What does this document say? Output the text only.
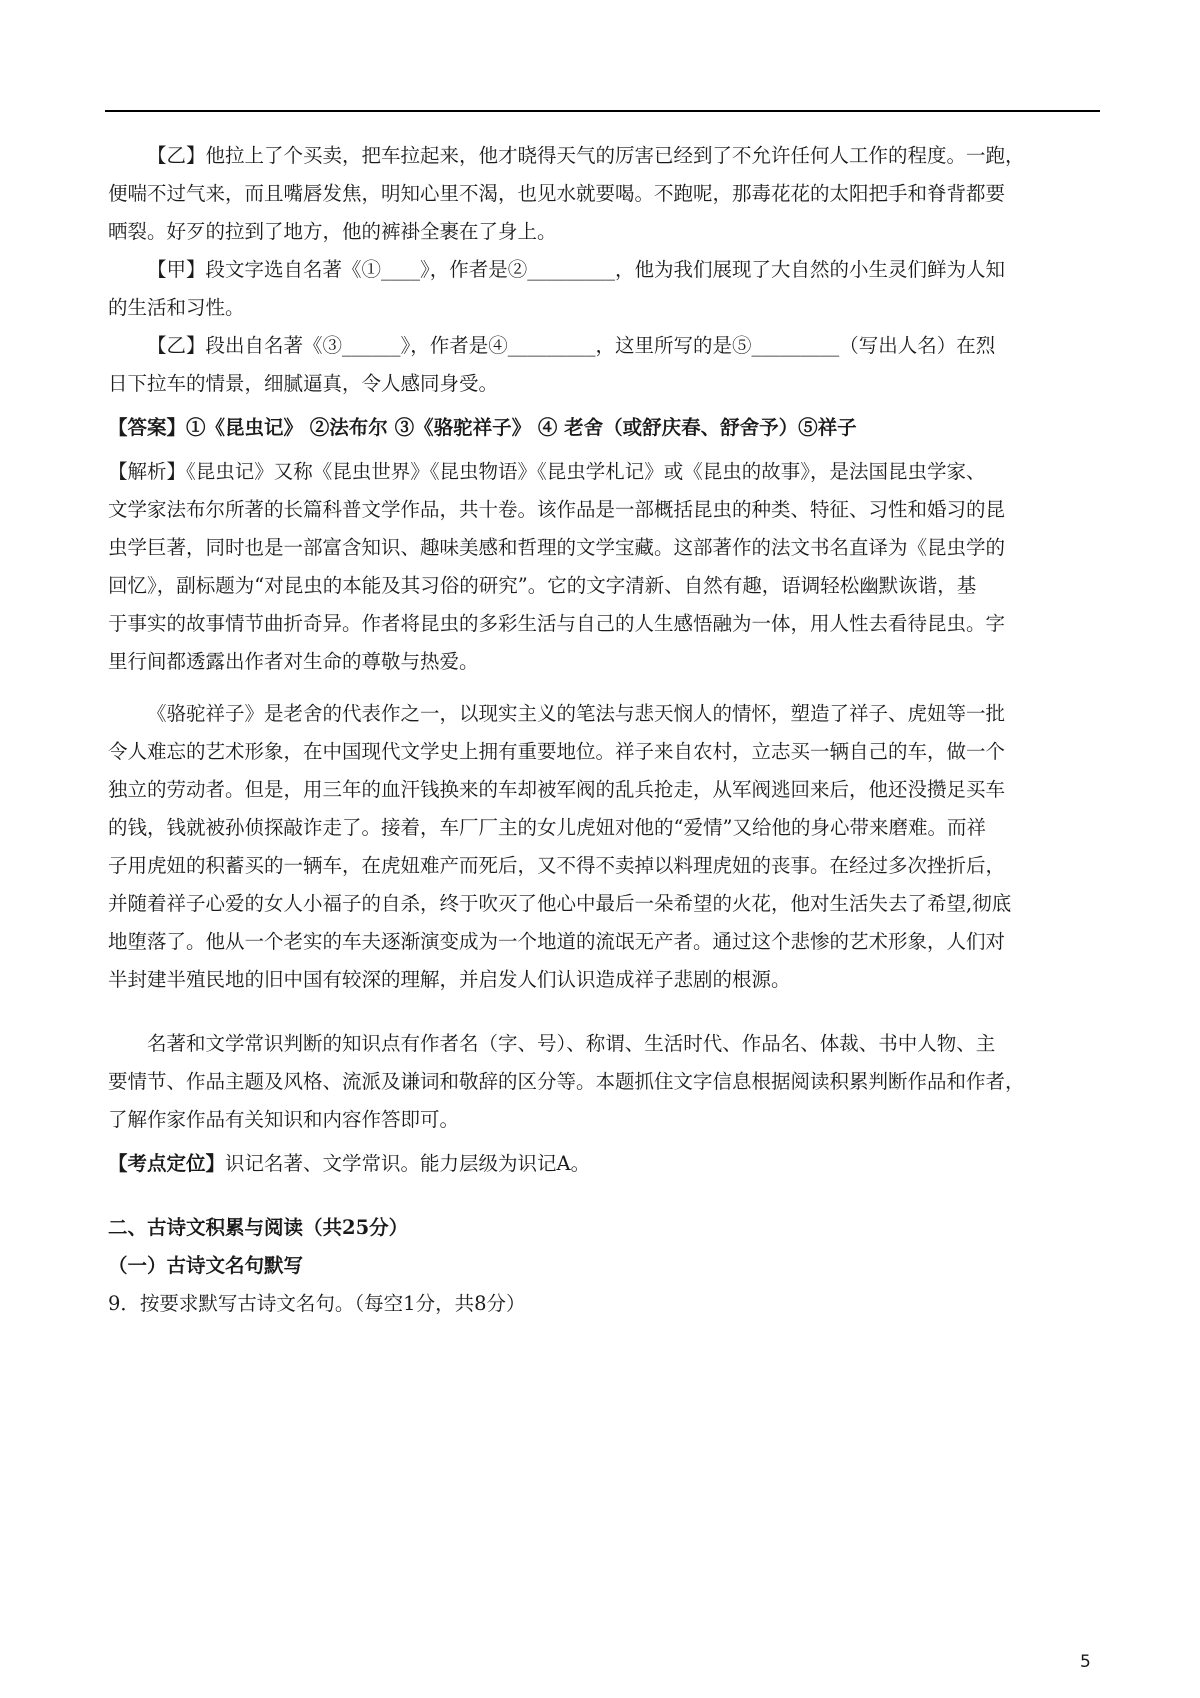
【乙】他拉上了个买卖，把车拉起来，他才晓得天气的厉害已经到了不允许任何人工作的程度。一跑，
便喘不过气来，而且嘴唇发焦，明知心里不渴，也见水就要喝。不跑呢，那毒花花的太阳把手和脊背都要
晒裂。好歹的拉到了地方，他的裤褂全裹在了身上。
【甲】段文字选自名著《①____》，作者是②_________，他为我们展现了大自然的小生灵们鲜为人知
的生活和习性。
【乙】段出自名著《③______》，作者是④_________，这里所写的是⑤_________（写出人名）在烈
日下拉车的情景，细腻逼真，令人感同身受。
【答案】①《昆虫记》 ②法布尔 ③《骆驼祥子》 ④ 老舍（或舒庆春、舒舍予）⑤祥子
【解析】《昆虫记》又称《昆虫世界》《昆虫物语》《昆虫学札记》或《昆虫的故事》，是法国昆虫学家、
文学家法布尔所著的长篇科普文学作品，共十卷。该作品是一部概括昆虫的种类、特征、习性和婚习的昆
虫学巨著，同时也是一部富含知识、趣味美感和哲理的文学宝藏。这部著作的法文书名直译为《昆虫学的
回忆》，副标题为“对昆虫的本能及其习俗的研究”。它的文字清新、自然有趣，语调轻松幽默诙谐，基
于事实的故事情节曲折奇异。作者将昆虫的多彩生活与自己的人生感悟融为一体，用人性去看待昆虫。字
里行间都透露出作者对生命的尊敬与热爱。
《骆驼祥子》是老舍的代表作之一，以现实主义的笔法与悲天悯人的情怀，塑造了祥子、虎妞等一批
令人难忘的艺术形象，在中国现代文学史上拥有重要地位。祥子来自农村，立志买一辆自己的车，做一个
独立的劳动者。但是，用三年的血汗钱换来的车却被军阀的乱兵抢走，从军阀逃回来后，他还没攒足买车
的钱，钱就被孙侦探敲诈走了。接着，车厂厂主的女儿虎妞对他的“爱情”又给他的身心带来磨难。而祥
子用虎妞的积蓄买的一辆车，在虎妞难产而死后，又不得不卖掉以料理虎妞的丧事。在经过多次挫折后，
并随着祥子心爱的女人小福子的自杀，终于吹灭了他心中最后一朵希望的火花，他对生活失去了希望,彻底
地堕落了。他从一个老实的车夫逐渐演变成为一个地道的流氓无产者。通过这个悲惨的艺术形象，人们对
半封建半殖民地的旧中国有较深的理解，并启发人们认识造成祥子悲剧的根源。
名著和文学常识判断的知识点有作者名（字、号）、称谓、生活时代、作品名、体裁、书中人物、主
要情节、作品主题及风格、流派及谦词和敬辞的区分等。本题抓住文字信息根据阅读积累判断作品和作者，
了解作家作品有关知识和内容作答即可。
【考点定位】识记名著、文学常识。能力层级为识记A。
二、古诗文积累与阅读（共25分）
（一）古诗文名句默写
9．按要求默写古诗文名句。（每空1分，共8分）
5
